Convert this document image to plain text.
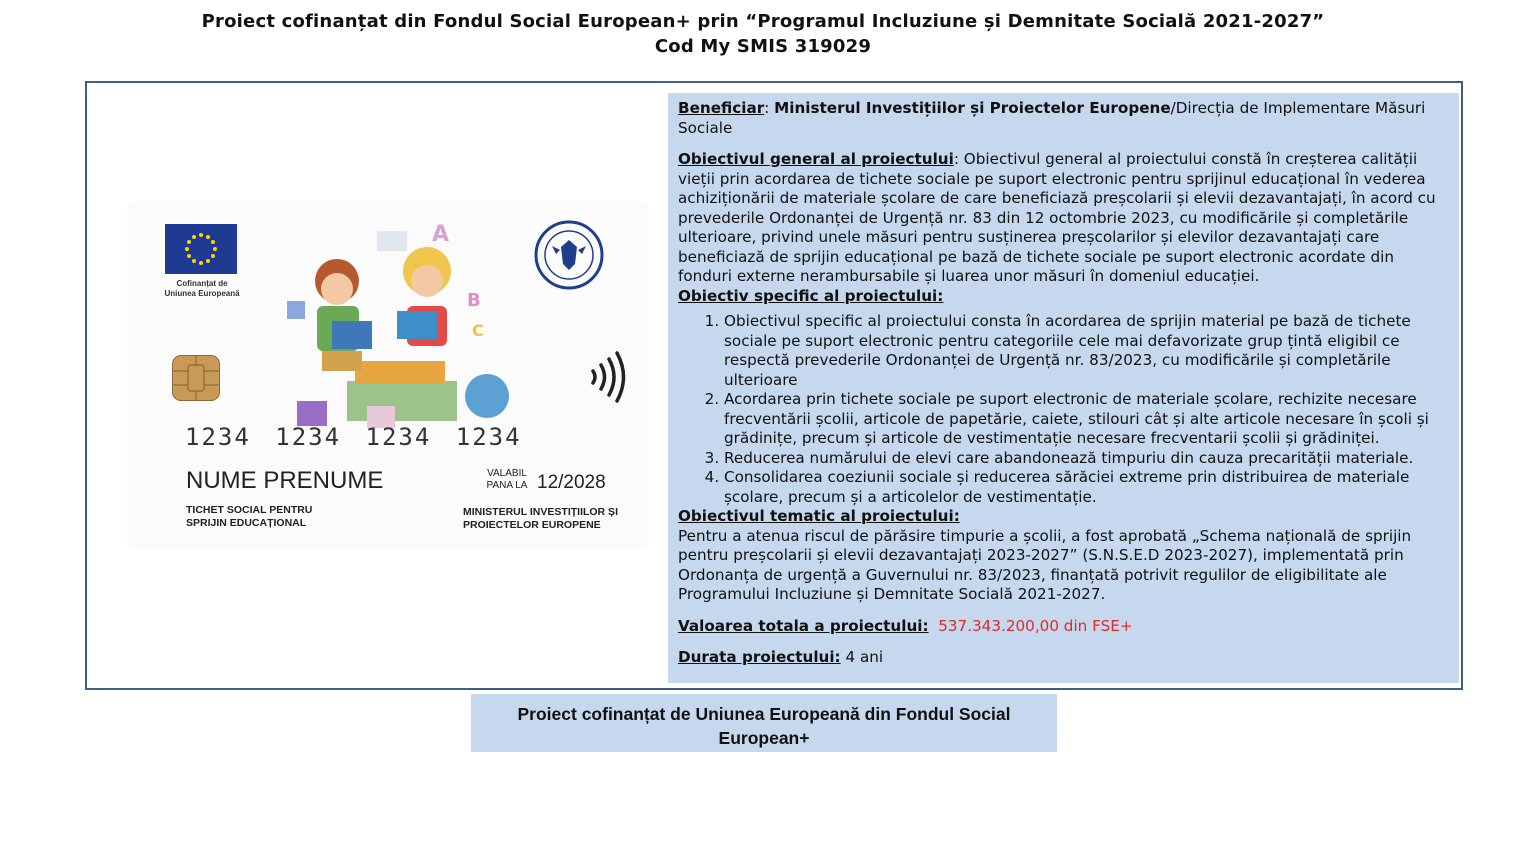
Proiect cofinanțat din Fondul Social European+ prin “Programul Incluziune și Demnitate Socială 2021-2027”
Cod My SMIS 319029
Cofinanțat de
Uniunea Europeană
A
B
C
1234 1234 1234 1234
NUME PRENUME	VALABIL
PANA LA 12/2028
TICHET SOCIAL PENTRU
SPRIJIN EDUCAȚIONAL
MINISTERUL INVESTIȚIILOR ȘI
PROIECTELOR EUROPENE

Beneficiar: Ministerul Investițiilor și Proiectelor Europene/Direcția de Implementare Măsuri Sociale

Obiectivul general al proiectului: Obiectivul general al proiectului constă în creșterea calității vieții prin acordarea de tichete sociale pe suport electronic pentru sprijinul educațional în vederea achiziționării de materiale școlare de care beneficiază preșcolarii și elevii dezavantajați, în acord cu prevederile Ordonanței de Urgență nr. 83 din 12 octombrie 2023, cu modificările și completările ulterioare, privind unele măsuri pentru susținerea preșcolarilor și elevilor dezavantajați care beneficiază de sprijin educațional pe bază de tichete sociale pe suport electronic acordate din fonduri externe nerambursabile și luarea unor măsuri în domeniul educației.

Obiectiv specific al proiectului:

1. Obiectivul specific al proiectului consta în acordarea de sprijin material pe bază de tichete sociale pe suport electronic pentru categoriile cele mai defavorizate grup țintă eligibil ce respectă prevederile Ordonanței de Urgență nr. 83/2023, cu modificările și completările ulterioare
2. Acordarea prin tichete sociale pe suport electronic de materiale școlare, rechizite necesare frecventării școlii, articole de papetărie, caiete, stilouri cât și alte articole necesare în școli și grădinițe, precum și articole de vestimentație necesare frecventarii școlii și grădiniței.
3. Reducerea numărului de elevi care abandonează timpuriu din cauza precarității materiale.
4. Consolidarea coeziunii sociale și reducerea sărăciei extreme prin distribuirea de materiale școlare, precum și a articolelor de vestimentație.

Obiectivul tematic al proiectului:

Pentru a atenua riscul de părăsire timpurie a școlii, a fost aprobată „Schema națională de sprijin pentru preșcolarii și elevii dezavantajați 2023-2027” (S.N.S.E.D 2023-2027), implementată prin Ordonanța de urgență a Guvernului nr. 83/2023, finanțată potrivit regulilor de eligibilitate ale Programului Incluziune și Demnitate Socială 2021-2027.

Valoarea totala a proiectului: 537.343.200,00 din FSE+

Durata proiectului: 4 ani

Proiect cofinanțat de Uniunea Europeană din Fondul Social European+
